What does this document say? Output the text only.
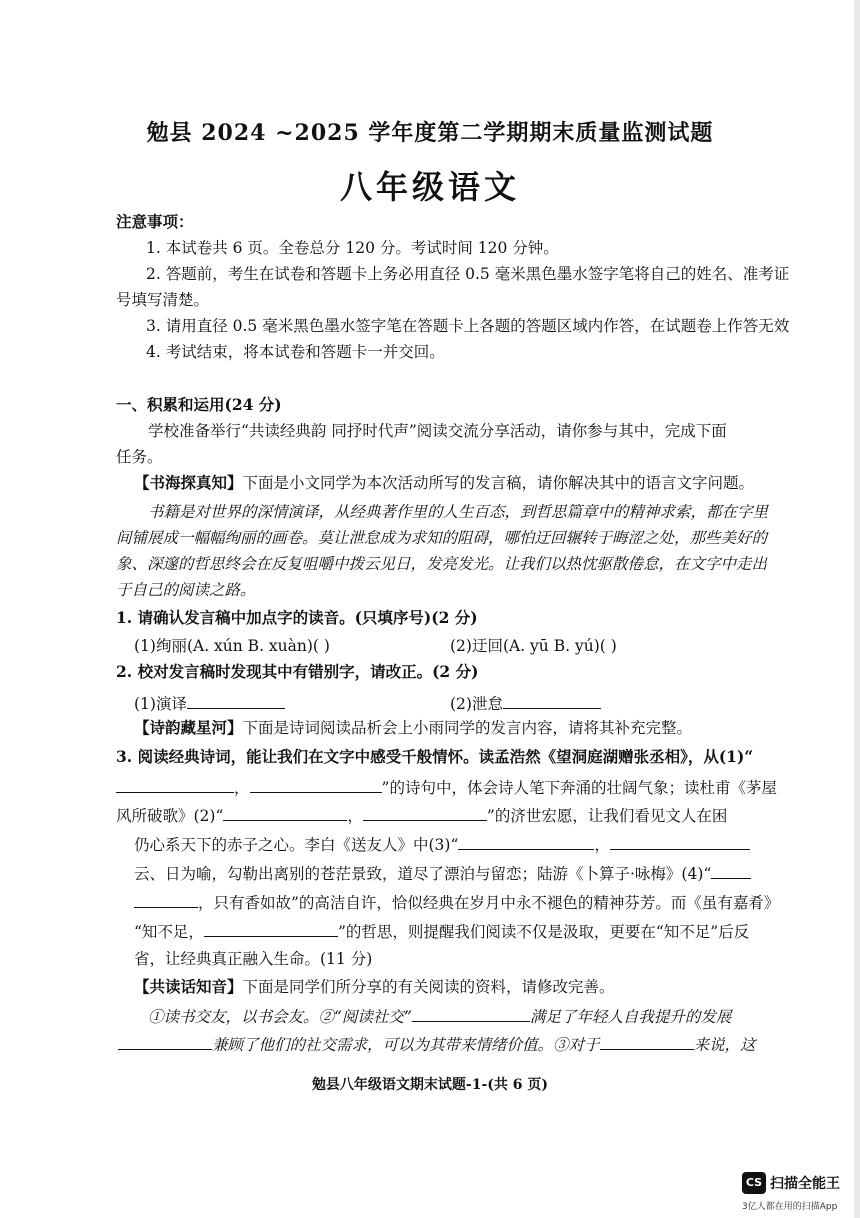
勉县 2024 ~2025 学年度第二学期期末质量监测试题
八年级语文
注意事项：
1. 本试卷共 6 页。全卷总分 120 分。考试时间 120 分钟。
2. 答题前，考生在试卷和答题卡上务必用直径 0.5 毫米黑色墨水签字笔将自己的姓名、准考证
号填写清楚。
3. 请用直径 0.5 毫米黑色墨水签字笔在答题卡上各题的答题区域内作答，在试题卷上作答无效
4. 考试结束，将本试卷和答题卡一并交回。
一、积累和运用(24 分)
学校准备举行“共读经典韵 同抒时代声”阅读交流分享活动，请你参与其中，完成下面
任务。
【书海探真知】下面是小文同学为本次活动所写的发言稿，请你解决其中的语言文字问题。
书籍是对世界的深情演译，从经典著作里的人生百态，到哲思篇章中的精神求索，都在字里
间铺展成一幅幅绚丽的画卷。莫让泄怠成为求知的阻碍，哪怕迂回辗转于晦涩之处，那些美好的
象、深邃的哲思终会在反复咀嚼中拨云见日，发亮发光。让我们以热忱驱散倦怠，在文字中走出
于自己的阅读之路。
1. 请确认发言稿中加点字的读音。(只填序号)(2 分)
(1)绚丽(A. xún B. xuàn)( )	(2)迂回(A. yū B. yú)( )
2. 校对发言稿时发现其中有错别字，请改正。(2 分)
(1)演译	(2)泄怠
【诗韵藏星河】下面是诗词阅读品析会上小雨同学的发言内容，请将其补充完整。
3. 阅读经典诗词，能让我们在文字中感受千般情怀。读孟浩然《望洞庭湖赠张丞相》，从(1)“
，	”的诗句中，体会诗人笔下奔涌的壮阔气象；读杜甫《茅屋
风所破歌》(2)“	，	”的济世宏愿，让我们看见文人在困
仍心系天下的赤子之心。李白《送友人》中(3)“	，
云、日为喻，勾勒出离别的苍茫景致，道尽了漂泊与留恋；陆游《卜算子·咏梅》(4)“
，只有香如故”的高洁自许，恰似经典在岁月中永不褪色的精神芬芳。而《虽有嘉肴》
“知不足，	”的哲思，则提醒我们阅读不仅是汲取，更要在“知不足”后反
省，让经典真正融入生命。(11 分)
【共读话知音】下面是同学们所分享的有关阅读的资料，请修改完善。
①读书交友，以书会友。②“阅读社交”	满足了年轻人自我提升的发展
兼顾了他们的社交需求，可以为其带来情绪价值。③对于	来说，这
勉县八年级语文期末试题-1-(共 6 页)
CS 扫描全能王
3亿人都在用的扫描App
